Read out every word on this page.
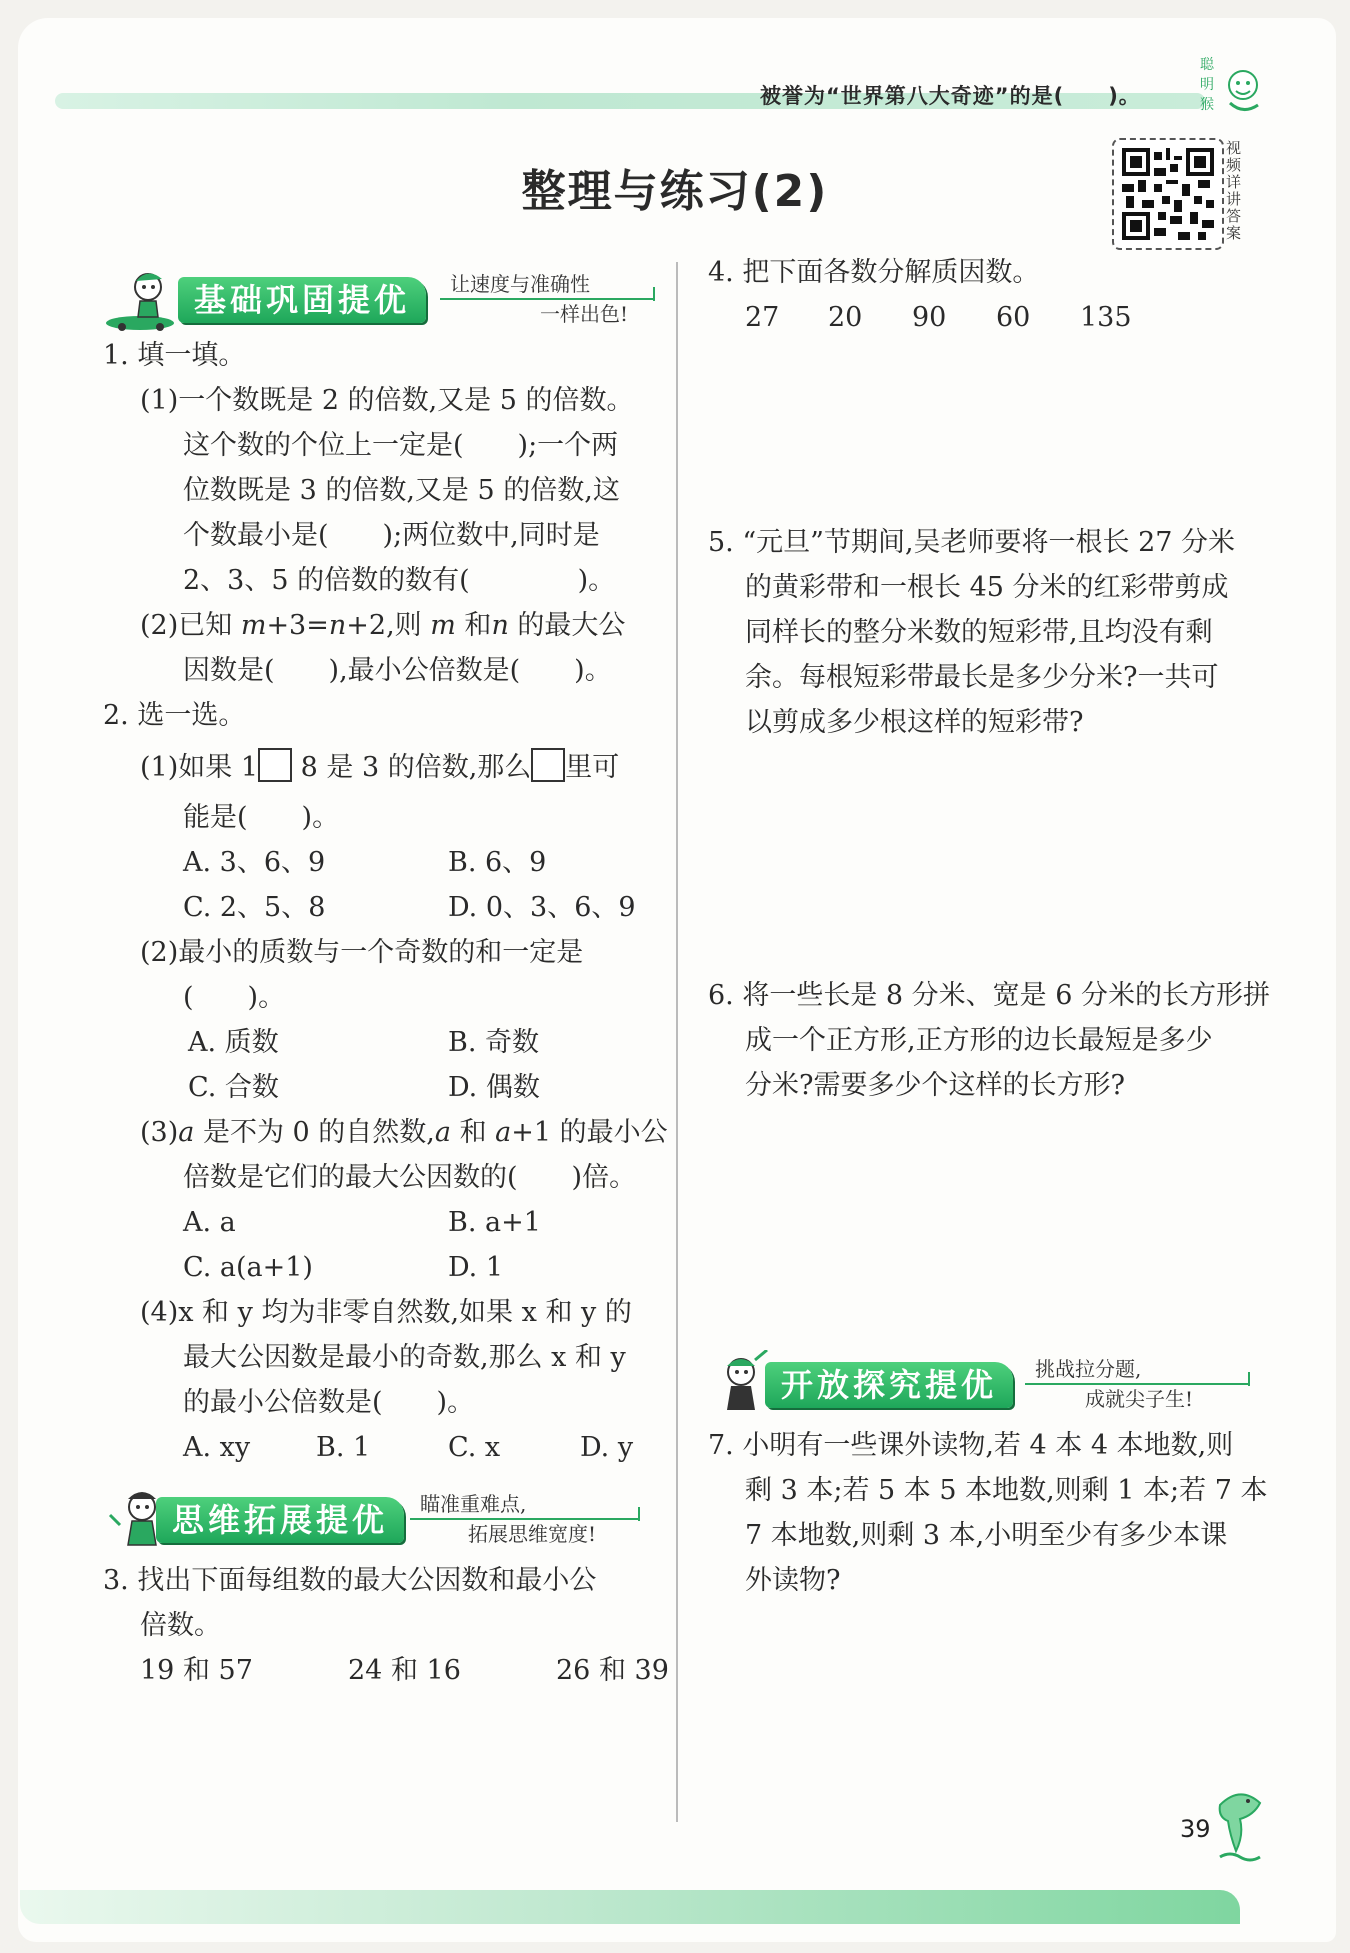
被誉为“世界第八大奇迹”的是(　　)。
聪
明
猴
整理与练习(2)
视频详讲答案
基础巩固提优	让速度与准确性
一样出色!
1. 填一填。
(1)一个数既是 2 的倍数,又是 5 的倍数。
这个数的个位上一定是(　　);一个两
位数既是 3 的倍数,又是 5 的倍数,这
个数最小是(　　);两位数中,同时是
2、3、5 的倍数的数有(　　　　)。
(2)已知 m+3=n+2,则 m 和n 的最大公
因数是(　　),最小公倍数是(　　)。
2. 选一选。
(1)如果 1 8 是 3 的倍数,那么 里可
能是(　　)。
A. 3、6、9	B. 6、9
C. 2、5、8	D. 0、3、6、9
(2)最小的质数与一个奇数的和一定是
(　　)。
A. 质数	B. 奇数
C. 合数	D. 偶数
(3)a 是不为 0 的自然数,a 和 a+1 的最小公
倍数是它们的最大公因数的(　　)倍。
A. a	B. a+1
C. a(a+1)	D. 1
(4)x 和 y 均为非零自然数,如果 x 和 y 的
最大公因数是最小的奇数,那么 x 和 y
的最小公倍数是(　　)。
A. xy B. 1	C. x	D. y
思维拓展提优	瞄准重难点,
拓展思维宽度!
3. 找出下面每组数的最大公因数和最小公
倍数。
19 和 57	24 和 16	26 和 39
4. 把下面各数分解质因数。
27 20 90 60 135
5. “元旦”节期间,吴老师要将一根长 27 分米
的黄彩带和一根长 45 分米的红彩带剪成
同样长的整分米数的短彩带,且均没有剩
余。每根短彩带最长是多少分米?一共可
以剪成多少根这样的短彩带?
6. 将一些长是 8 分米、宽是 6 分米的长方形拼
成一个正方形,正方形的边长最短是多少
分米?需要多少个这样的长方形?
开放探究提优	挑战拉分题,
成就尖子生!
7. 小明有一些课外读物,若 4 本 4 本地数,则
剩 3 本;若 5 本 5 本地数,则剩 1 本;若 7 本
7 本地数,则剩 3 本,小明至少有多少本课
外读物?
39
